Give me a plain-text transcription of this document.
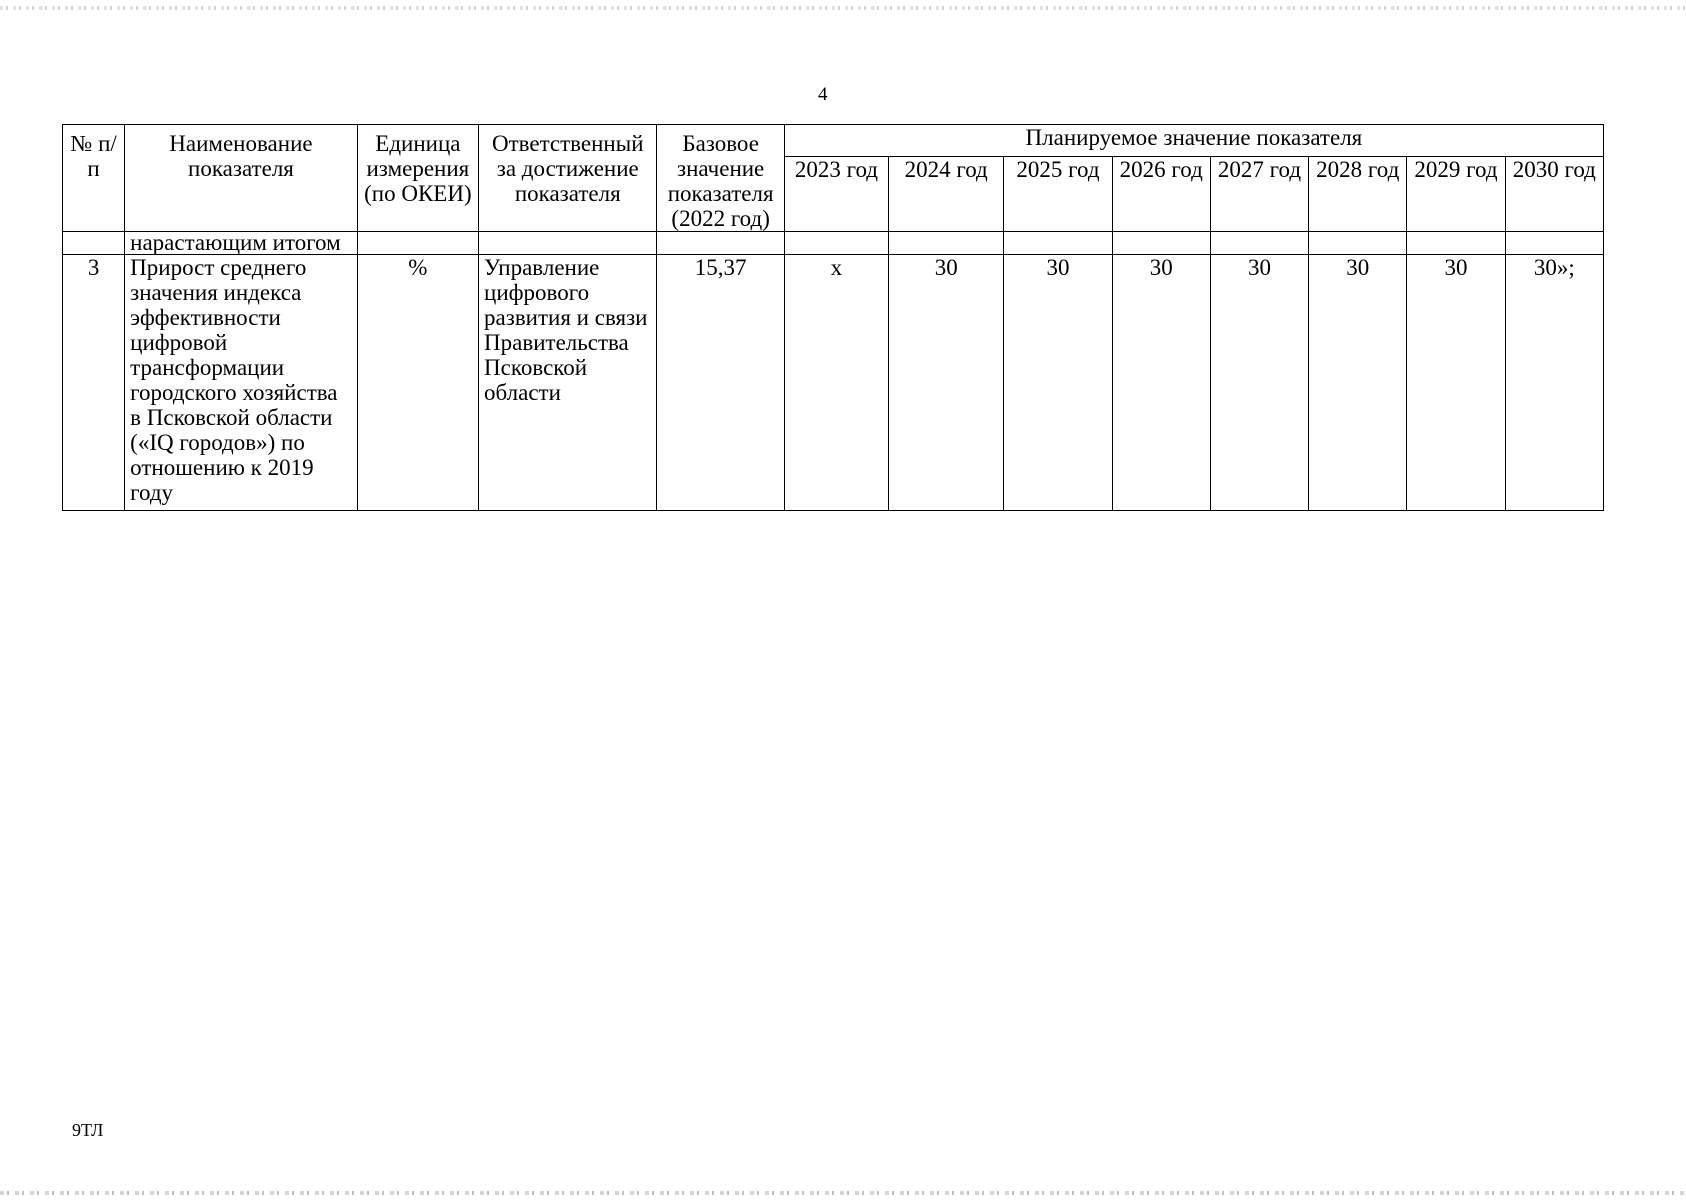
4
№ п/п	Наименование показателя	Единица измерения (по ОКЕИ)	Ответственный за достижение показателя	Базовое значение показателя (2022 год)	Планируемое значение показателя							
					2023 год	2024 год	2025 год	2026 год	2027 год	2028 год	2029 год	2030 год
	нарастающим итогом											
3	Прирост среднего значения индекса эффективности цифровой трансформации городского хозяйства в Псковской области («IQ городов») по отношению к 2019 году	%	Управление цифрового развития и связи Правительства Псковской области	15,37	х	30	30	30	30	30	30	30»;
9ТЛ
